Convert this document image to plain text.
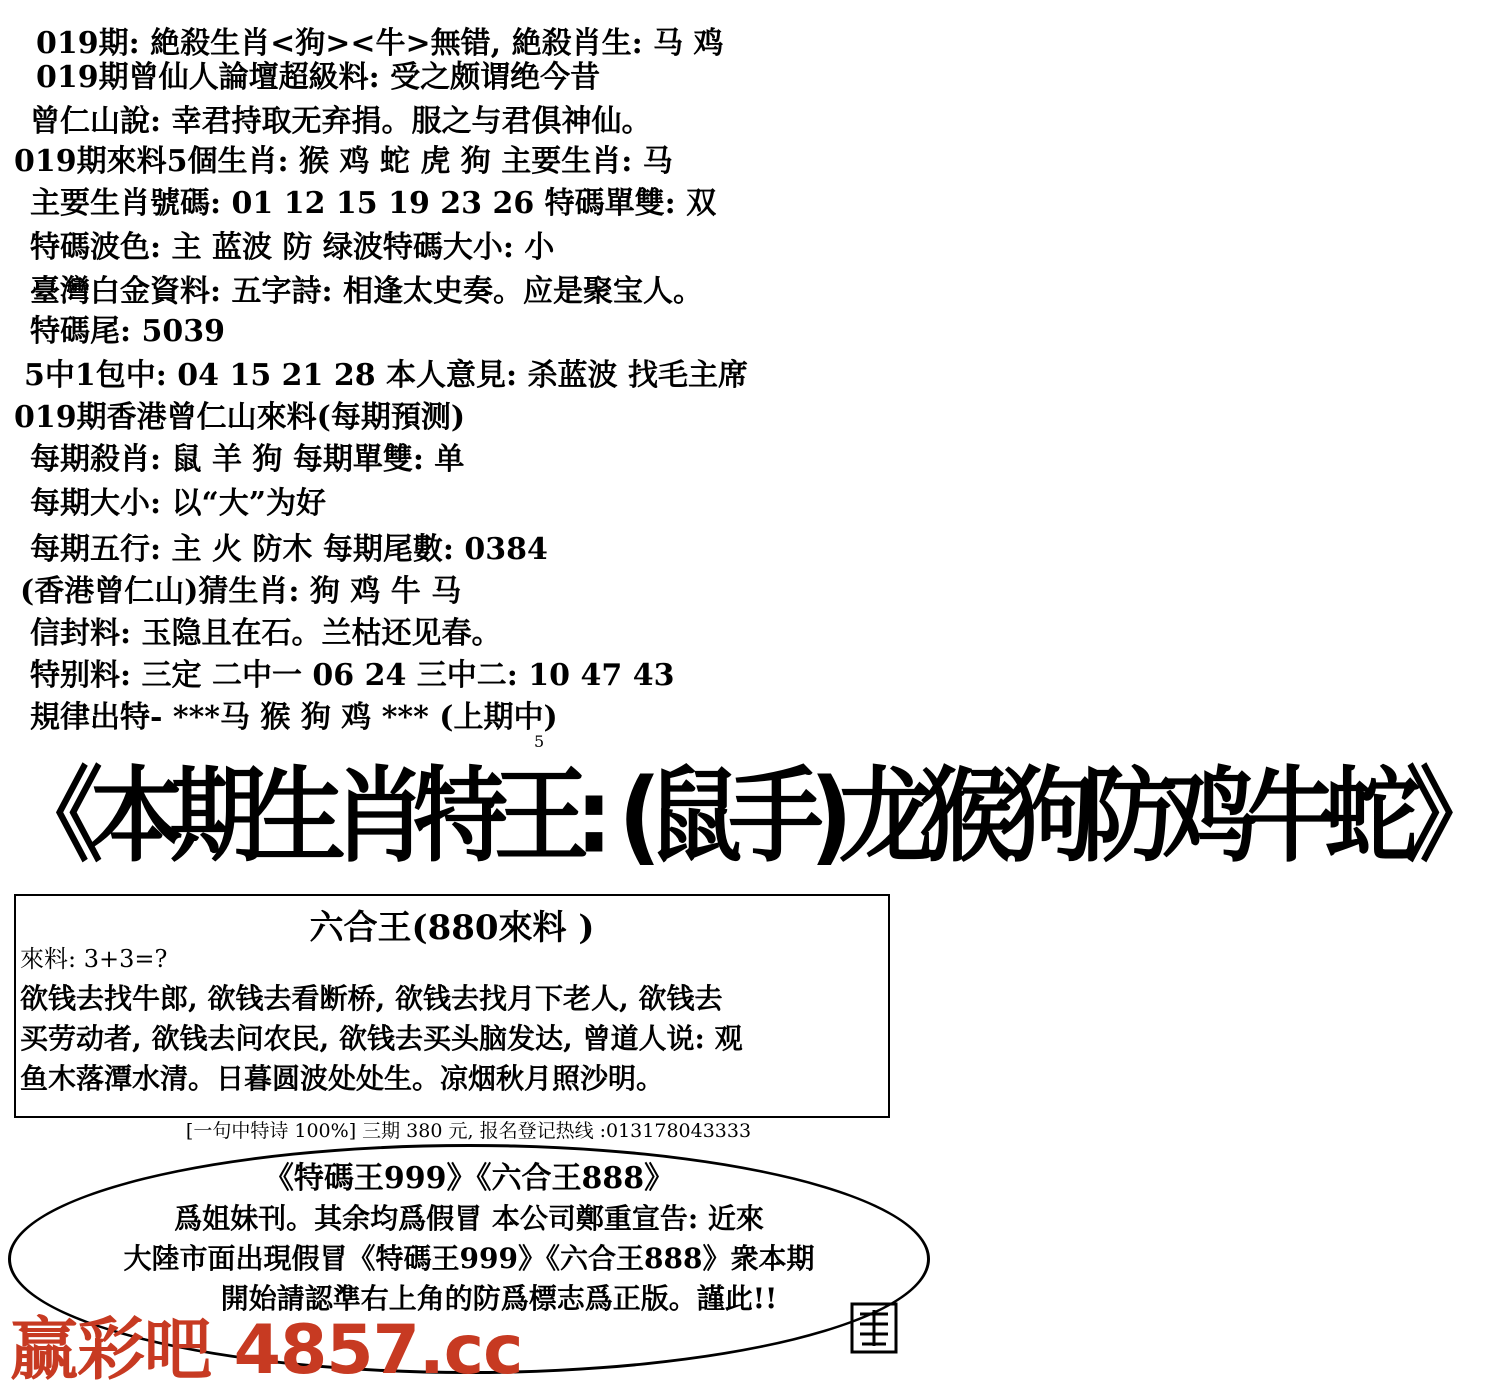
019期: 絶殺生肖<狗><牛>無错, 絶殺肖生: 马 鸡
019期曾仙人論壇超級料: 受之颇谓绝今昔
曾仁山說: 幸君持取无弃捐。服之与君俱神仙。
019期來料5個生肖: 猴 鸡 蛇 虎 狗 主要生肖: 马
主要生肖號碼: 01 12 15 19 23 26 特碼單雙: 双
特碼波色: 主 蓝波 防 绿波特碼大小: 小
臺灣白金資料: 五字詩: 相逢太史奏。应是聚宝人。
特碼尾: 5039
5中1包中: 04 15 21 28 本人意見: 杀蓝波 找毛主席
019期香港曾仁山來料(每期預测)
每期殺肖: 鼠 羊 狗 每期單雙: 单
每期大小: 以“大”为好
每期五行: 主 火 防木 每期尾數: 0384
(香港曾仁山)猜生肖: 狗 鸡 牛 马
信封料: 玉隐且在石。兰枯还见春。
特别料: 三定 二中一 06 24 三中二: 10 47 43
規律出特- ***马 猴 狗 鸡 *** (上期中)
5
《本期生肖特王: (鼠手)龙猴狗防鸡牛蛇》
六合王(880來料 )
來料: 3+3=?
欲钱去找牛郎, 欲钱去看断桥, 欲钱去找月下老人, 欲钱去
买劳动者, 欲钱去问农民, 欲钱去买头脑发达, 曾道人说: 观
鱼木落潭水清。日暮圆波处处生。凉烟秋月照沙明。
[一句中特诗 100%] 三期 380 元, 报名登记热线 :013178043333
《特碼王999》《六合王888》
爲姐妹刊。其余均爲假冒 本公司鄭重宣告: 近來
大陸市面出現假冒《特碼王999》《六合王888》衆本期
開始請認準右上角的防爲標志爲正版。謹此!!
赢彩吧 4857.cc
